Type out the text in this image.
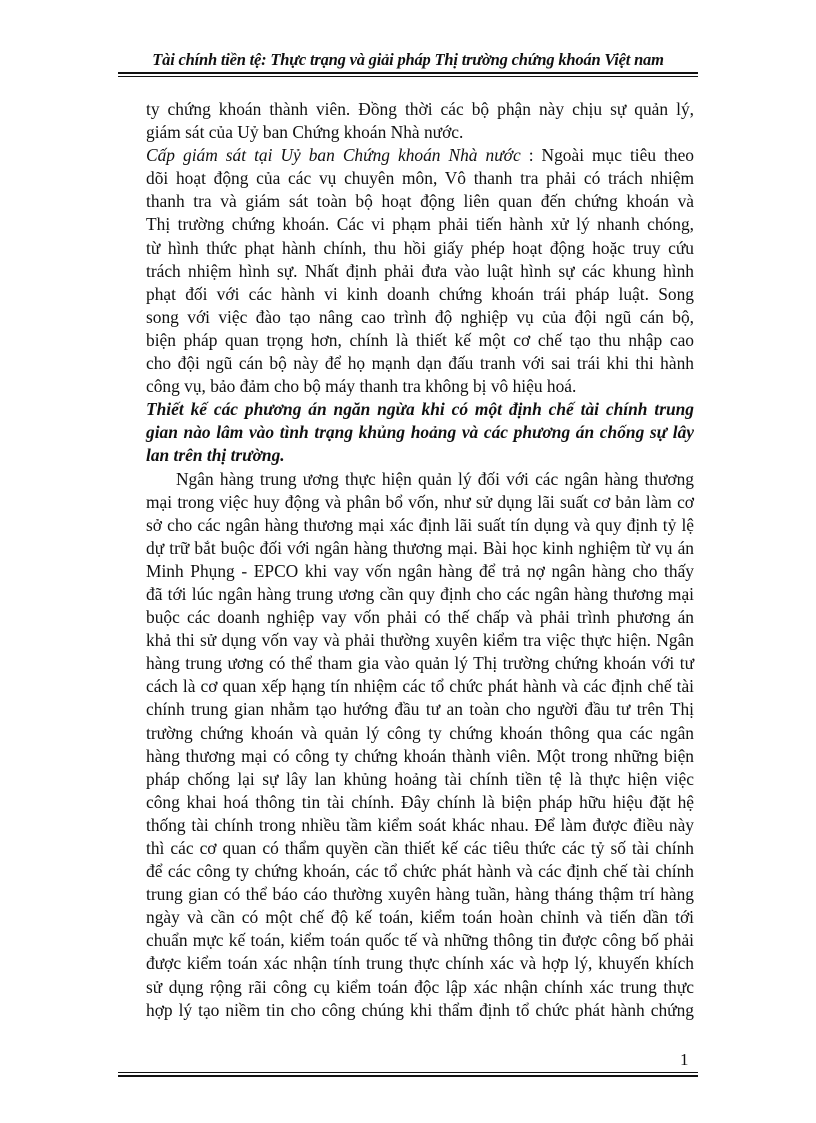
Tài chính tiền tệ: Thực trạng và giải pháp Thị trường chứng khoán Việt nam
ty chứng khoán thành viên. Đồng thời các bộ phận này chịu sự quản lý,
giám sát của Uỷ ban Chứng khoán Nhà nước.
Cấp giám sát tại Uỷ ban Chứng khoán Nhà nước : Ngoài mục tiêu theo
dõi hoạt động của các vụ chuyên môn, Vô thanh tra phải có trách nhiệm
thanh tra và giám sát toàn bộ hoạt động liên quan đến chứng khoán và
Thị trường chứng khoán. Các vi phạm phải tiến hành xử lý nhanh chóng,
từ hình thức phạt hành chính, thu hồi giấy phép hoạt động hoặc truy cứu
trách nhiệm hình sự. Nhất định phải đưa vào luật hình sự các khung hình
phạt đối với các hành vi kinh doanh chứng khoán trái pháp luật. Song
song với việc đào tạo nâng cao trình độ nghiệp vụ của đội ngũ cán bộ,
biện pháp quan trọng hơn, chính là thiết kế một cơ chế tạo thu nhập cao
cho đội ngũ cán bộ này để họ mạnh dạn đấu tranh với sai trái khi thi hành
công vụ, bảo đảm cho bộ máy thanh tra không bị vô hiệu hoá.
Thiết kế các phương án ngăn ngừa khi có một định chế tài chính trung
gian nào lâm vào tình trạng khủng hoảng và các phương án chống sự lây
lan trên thị trường.
Ngân hàng trung ương thực hiện quản lý đối với các ngân hàng thương
mại trong việc huy động và phân bổ vốn, như sử dụng lãi suất cơ bản làm cơ
sở cho các ngân hàng thương mại xác định lãi suất tín dụng và quy định tỷ lệ
dự trữ bắt buộc đối với ngân hàng thương mại. Bài học kinh nghiệm từ vụ án
Minh Phụng - EPCO khi vay vốn ngân hàng để trả nợ ngân hàng cho thấy
đã tới lúc ngân hàng trung ương cần quy định cho các ngân hàng thương mại
buộc các doanh nghiệp vay vốn phải có thế chấp và phải trình phương án
khả thi sử dụng vốn vay và phải thường xuyên kiểm tra việc thực hiện. Ngân
hàng trung ương có thể tham gia vào quản lý Thị trường chứng khoán với tư
cách là cơ quan xếp hạng tín nhiệm các tổ chức phát hành và các định chế tài
chính trung gian nhằm tạo hướng đầu tư an toàn cho người đầu tư trên Thị
trường chứng khoán và quản lý công ty chứng khoán thông qua các ngân
hàng thương mại có công ty chứng khoán thành viên. Một trong những biện
pháp chống lại sự lây lan khủng hoảng tài chính tiền tệ là thực hiện việc
công khai hoá thông tin tài chính. Đây chính là biện pháp hữu hiệu đặt hệ
thống tài chính trong nhiều tầm kiểm soát khác nhau. Để làm được điều này
thì các cơ quan có thẩm quyền cần thiết kế các tiêu thức các tỷ số tài chính
để các công ty chứng khoán, các tổ chức phát hành và các định chế tài chính
trung gian có thể báo cáo thường xuyên hàng tuần, hàng tháng thậm trí hàng
ngày và cần có một chế độ kế toán, kiểm toán hoàn chỉnh và tiến dần tới
chuẩn mực kế toán, kiểm toán quốc tế và những thông tin được công bố phải
được kiểm toán xác nhận tính trung thực chính xác và hợp lý, khuyến khích
sử dụng rộng rãi công cụ kiểm toán độc lập xác nhận chính xác trung thực
hợp lý tạo niềm tin cho công chúng khi thẩm định tổ chức phát hành chứng
1
